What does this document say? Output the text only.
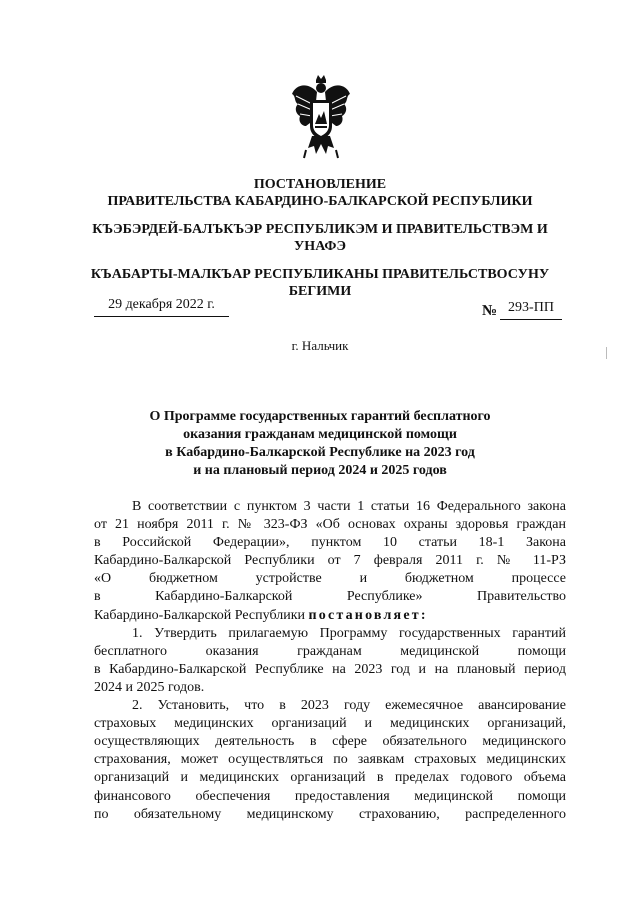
ПОСТАНОВЛЕНИЕ

ПРАВИТЕЛЬСТВА КАБАРДИНО-БАЛКАРСКОЙ РЕСПУБЛИКИ

КЪЭБЭРДЕЙ-БАЛЪКЪЭР РЕСПУБЛИКЭМ И ПРАВИТЕЛЬСТВЭМ И

УНАФЭ

КЪАБАРТЫ-МАЛКЪАР РЕСПУБЛИКАНЫ ПРАВИТЕЛЬСТВОСУНУ

БЕГИМИ

29 декабря 2022 г.	№ 293-ПП
г. Нальчик
О Программе государственных гарантий бесплатного
оказания гражданам медицинской помощи
в Кабардино-Балкарской Республике на 2023 год
и на плановый период 2024 и 2025 годов

В соответствии с пунктом 3 части 1 статьи 16 Федерального закона

от 21 ноября 2011 г. № 323-ФЗ «Об основах охраны здоровья граждан

в Российской Федерации», пунктом 10 статьи 18-1 Закона

Кабардино-Балкарской Республики от 7 февраля 2011 г. № 11-РЗ

«О бюджетном устройстве и бюджетном процессе

в Кабардино-Балкарской Республике» Правительство

Кабардино-Балкарской Республики постановляет:

1. Утвердить прилагаемую Программу государственных гарантий

бесплатного оказания гражданам медицинской помощи

в Кабардино-Балкарской Республике на 2023 год и на плановый период

2024 и 2025 годов.

2. Установить, что в 2023 году ежемесячное авансирование

страховых медицинских организаций и медицинских организаций,

осуществляющих деятельность в сфере обязательного медицинского

страхования, может осуществляться по заявкам страховых медицинских

организаций и медицинских организаций в пределах годового объема

финансового обеспечения предоставления медицинской помощи

по обязательному медицинскому страхованию, распределенного
